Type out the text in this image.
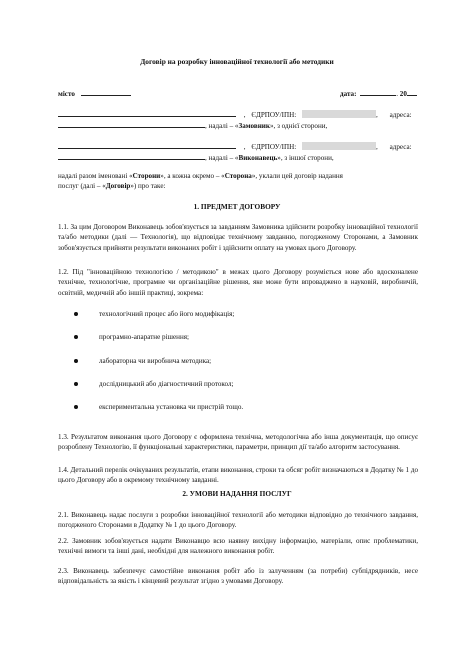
Договір на розробку інноваційної технології або методики
місто	дата:	. 20
, ЄДРПОУ/ІПН:	, адреса:
, надалі – «Замовник», з однієї сторони,
, ЄДРПОУ/ІПН:	, адреса:
, надалі – «Виконавець», з іншої сторони,
надалі разом іменовані «Сторони», а кожна окремо – «Сторона», уклали цей договір надання
послуг (далі – «Договір») про таке:
1. ПРЕДМЕТ ДОГОВОРУ
1.1. За цим Договором Виконавець зобов'язується за завданням Замовника здійснити розробку інноваційної технології та/або методики (далі — Технологія), що відповідає технічному завданню, погодженому Сторонами, а Замовник зобов'язується прийняти результати виконаних робіт і здійснити оплату на умовах цього Договору.
1.2. Під "інноваційною технологією / методикою" в межах цього Договору розуміється нове або вдосконалене технічне, технологічне, програмне чи організаційне рішення, яке може бути впроваджено в науковій, виробничій, освітній, медичній або іншій практиці, зокрема:
технологічний процес або його модифікація;
програмно-апаратне рішення;
лабораторна чи виробнича методика;
дослідницький або діагностичний протокол;
експериментальна установка чи пристрій тощо.
1.3. Результатом виконання цього Договору є оформлена технічна, методологічна або інша документація, що описує розроблену Технологію, її функціональні характеристики, параметри, принцип дії та/або алгоритм застосування.
1.4. Детальний перелік очікуваних результатів, етапи виконання, строки та обсяг робіт визначаються в Додатку № 1 до цього Договору або в окремому технічному завданні.
2. УМОВИ НАДАННЯ ПОСЛУГ
2.1. Виконавець надає послуги з розробки інноваційної технології або методики відповідно до технічного завдання, погодженого Сторонами в Додатку № 1 до цього Договору.
2.2. Замовник зобов'язується надати Виконавцю всю наявну вихідну інформацію, матеріали, опис проблематики, технічні вимоги та інші дані, необхідні для належного виконання робіт.
2.3. Виконавець забезпечує самостійне виконання робіт або із залученням (за потреби) субпідрядників, несе відповідальність за якість і кінцевий результат згідно з умовами Договору.
